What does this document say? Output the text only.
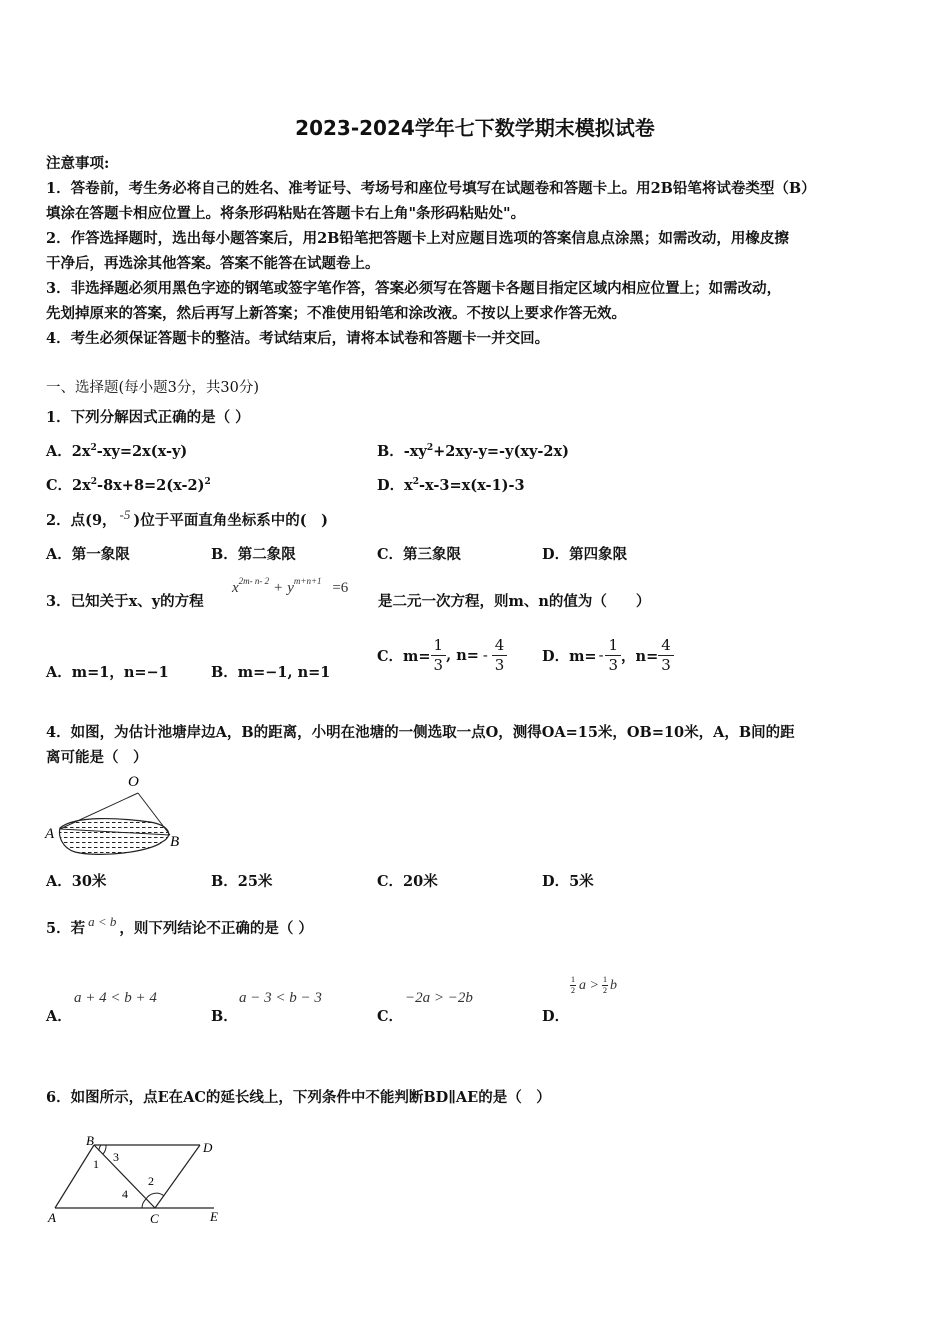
2023-2024学年七下数学期末模拟试卷
注意事项:
1．答卷前，考生务必将自己的姓名、准考证号、考场号和座位号填写在试题卷和答题卡上。用2B铅笔将试卷类型（B）
填涂在答题卡相应位置上。将条形码粘贴在答题卡右上角"条形码粘贴处"。
2．作答选择题时，选出每小题答案后，用2B铅笔把答题卡上对应题目选项的答案信息点涂黑；如需改动，用橡皮擦
干净后，再选涂其他答案。答案不能答在试题卷上。
3．非选择题必须用黑色字迹的钢笔或签字笔作答，答案必须写在答题卡各题目指定区域内相应位置上；如需改动，
先划掉原来的答案，然后再写上新答案；不准使用铅笔和涂改液。不按以上要求作答无效。
4．考生必须保证答题卡的整洁。考试结束后，请将本试卷和答题卡一并交回。
一、选择题(每小题3分，共30分)
1．下列分解因式正确的是（ ）
A．$2x^2-xy=2x(x-y)$	B．$-xy^2+2xy-y=-y(xy-2x)$
C．$2x^2-8x+8=2(x-2)^2$	D．$x^2-x-3=x(x-1)-3$
2．点(9， -5 )位于平面直角坐标系中的(　)
A．第一象限	B．第二象限	C．第三象限	D．第四象限
3．已知关于x、y的方程
$x^{2m- n- 2} + y^{m+n+1} =6$
是二元一次方程，则m、n的值为（　　）
A．m=1，n=−1	B．m=−1, n=1
C．$m= \frac{1}{3}$ , $n= - \frac{4}{3}$ D．$m= - \frac{1}{3}$ ，$n= \frac{4}{3}$
4．如图，为估计池塘岸边A，B的距离，小明在池塘的一侧选取一点O，测得OA=15米，OB=10米，A，B间的距
离可能是（　）
O
A	B
A．30米	B．25米	C．20米	D．5米
5．若 a < b ，则下列结论不正确的是（ ）
A．
a + 4 < b + 4
B．
a − 3 < b − 3
C．
−2a > −2b
D．
$\frac{1}{2}$ $a > \frac{1}{2}$ b
6．如图所示，点E在AC的延长线上，下列条件中不能判断BD∥AE的是（　）
B	D
A	C	E
1 3
2
4
